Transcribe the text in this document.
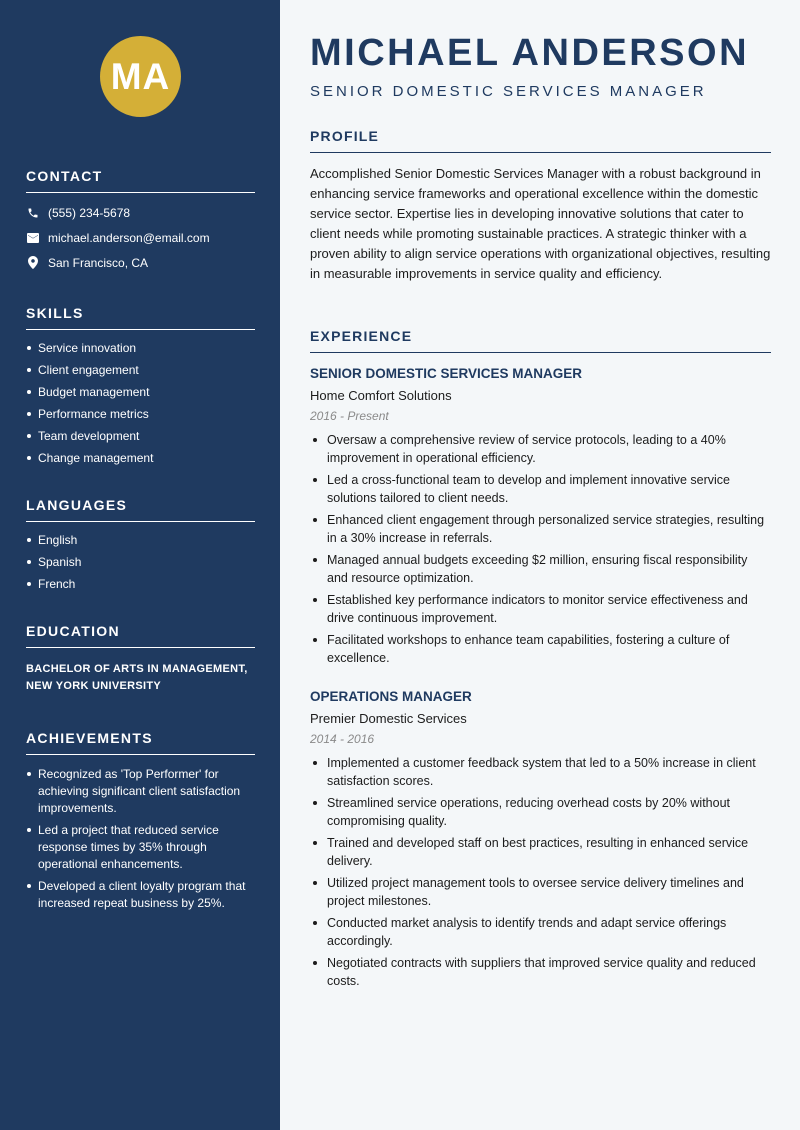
MA
CONTACT
(555) 234-5678
michael.anderson@email.com
San Francisco, CA
SKILLS
Service innovation
Client engagement
Budget management
Performance metrics
Team development
Change management
LANGUAGES
English
Spanish
French
EDUCATION
BACHELOR OF ARTS IN MANAGEMENT, NEW YORK UNIVERSITY
ACHIEVEMENTS
Recognized as 'Top Performer' for achieving significant client satisfaction improvements.
Led a project that reduced service response times by 35% through operational enhancements.
Developed a client loyalty program that increased repeat business by 25%.
MICHAEL ANDERSON
SENIOR DOMESTIC SERVICES MANAGER
PROFILE

Accomplished Senior Domestic Services Manager with a robust background in enhancing service frameworks and operational excellence within the domestic service sector. Expertise lies in developing innovative solutions that cater to client needs while promoting sustainable practices. A strategic thinker with a proven ability to align service operations with organizational objectives, resulting in measurable improvements in service quality and efficiency.

EXPERIENCE
SENIOR DOMESTIC SERVICES MANAGER
Home Comfort Solutions
2016 - Present
Oversaw a comprehensive review of service protocols, leading to a 40% improvement in operational efficiency.
Led a cross-functional team to develop and implement innovative service solutions tailored to client needs.
Enhanced client engagement through personalized service strategies, resulting in a 30% increase in referrals.
Managed annual budgets exceeding $2 million, ensuring fiscal responsibility and resource optimization.
Established key performance indicators to monitor service effectiveness and drive continuous improvement.
Facilitated workshops to enhance team capabilities, fostering a culture of excellence.
OPERATIONS MANAGER
Premier Domestic Services
2014 - 2016
Implemented a customer feedback system that led to a 50% increase in client satisfaction scores.
Streamlined service operations, reducing overhead costs by 20% without compromising quality.
Trained and developed staff on best practices, resulting in enhanced service delivery.
Utilized project management tools to oversee service delivery timelines and project milestones.
Conducted market analysis to identify trends and adapt service offerings accordingly.
Negotiated contracts with suppliers that improved service quality and reduced costs.
